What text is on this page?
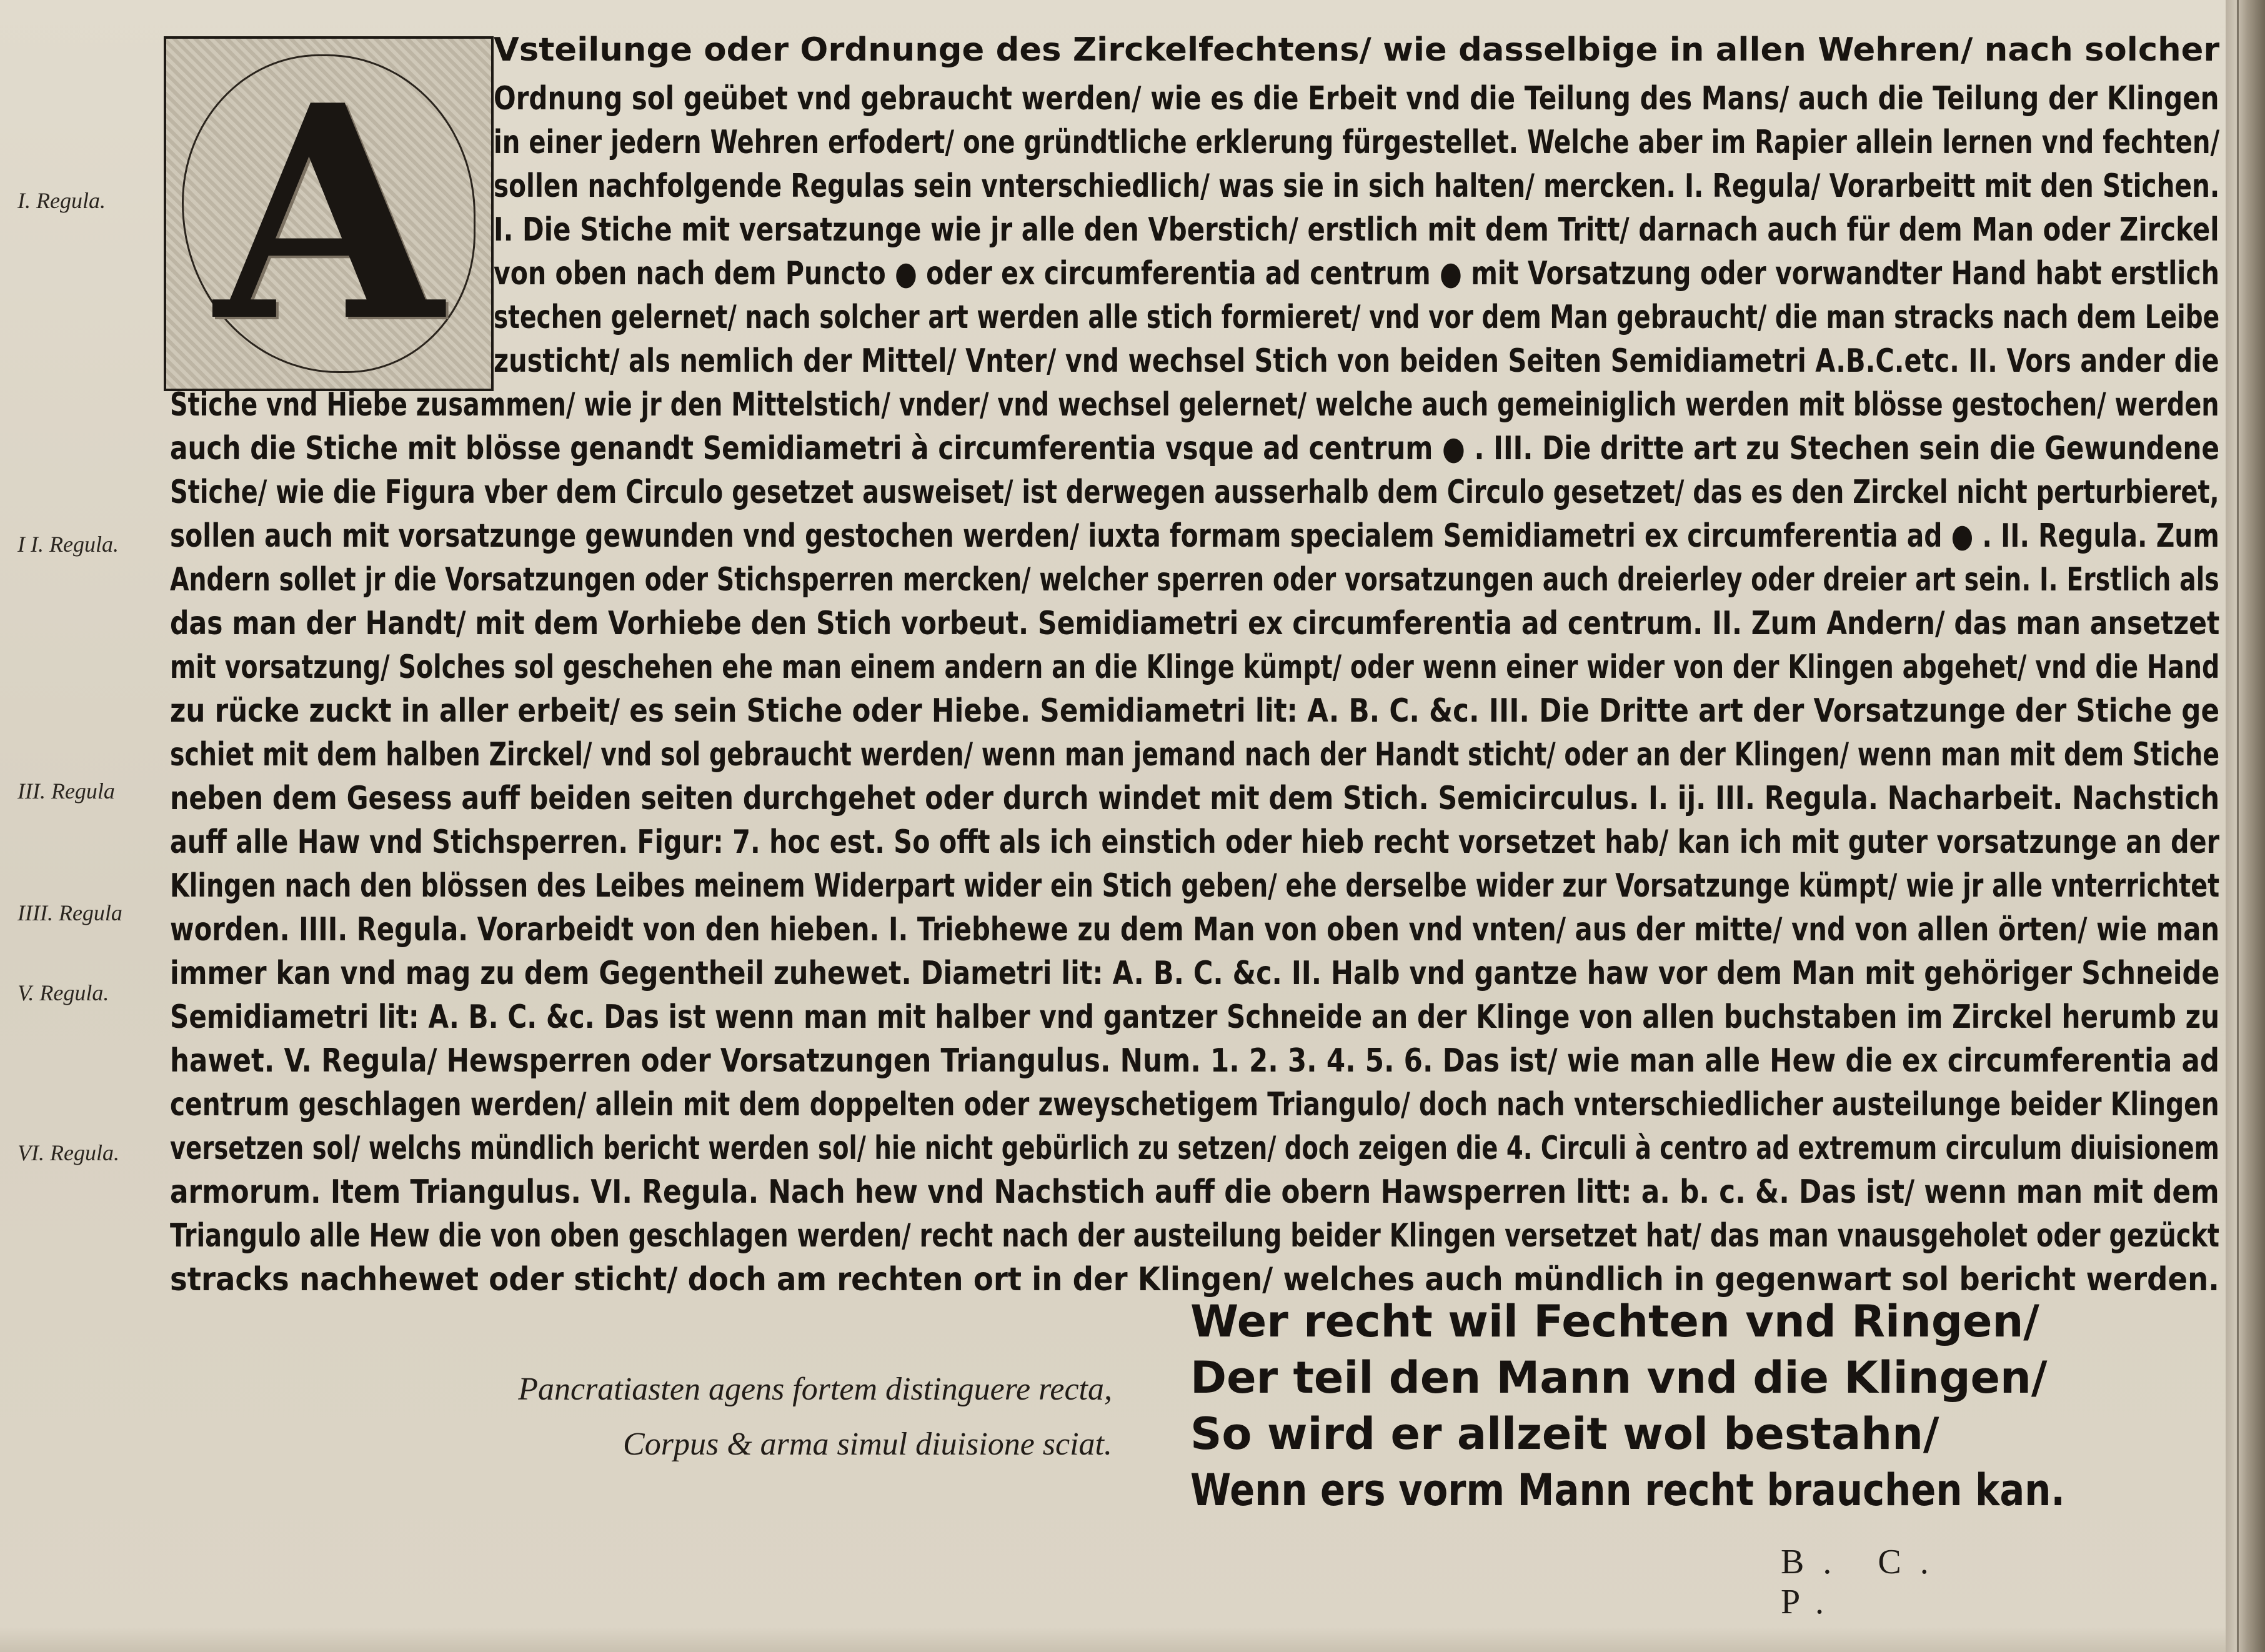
A
I. Regula.
I I. Regula.
III. Regula
IIII. Regula
V. Regula.
VI. Regula.
Vsteilunge oder Ordnunge des Zirckelfechtens/ wie dasselbige in allen Wehren/ nach solcher
Ordnung sol geübet vnd gebraucht werden/ wie es die Erbeit vnd die Teilung des Mans/ auch die Teilung der Klingen
in einer jedern Wehren erfodert/ one gründtliche erklerung fürgestellet. Welche aber im Rapier allein lernen vnd fechten/
sollen nachfolgende Regulas sein vnterschiedlich/ was sie in sich halten/ mercken. I. Regula/ Vorarbeitt mit den Stichen.
I. Die Stiche mit versatzunge wie jr alle den Vberstich/ erstlich mit dem Tritt/ darnach auch für dem Man oder Zirckel
von oben nach dem Puncto ● oder ex circumferentia ad centrum ● mit Vorsatzung oder vorwandter Hand habt erstlich
stechen gelernet/ nach solcher art werden alle stich formieret/ vnd vor dem Man gebraucht/ die man stracks nach dem Leibe
zusticht/ als nemlich der Mittel/ Vnter/ vnd wechsel Stich von beiden Seiten Semidiametri A.B.C.etc. II. Vors ander die
Stiche vnd Hiebe zusammen/ wie jr den Mittelstich/ vnder/ vnd wechsel gelernet/ welche auch gemeiniglich werden mit blösse gestochen/ werden
auch die Stiche mit blösse genandt Semidiametri à circumferentia vsque ad centrum ● . III. Die dritte art zu Stechen sein die Gewundene
Stiche/ wie die Figura vber dem Circulo gesetzet ausweiset/ ist derwegen ausserhalb dem Circulo gesetzet/ das es den Zirckel nicht perturbieret,
sollen auch mit vorsatzunge gewunden vnd gestochen werden/ iuxta formam specialem Semidiametri ex circumferentia ad ● . II. Regula. Zum
Andern sollet jr die Vorsatzungen oder Stichsperren mercken/ welcher sperren oder vorsatzungen auch dreierley oder dreier art sein. I. Erstlich als
das man der Handt/ mit dem Vorhiebe den Stich vorbeut. Semidiametri ex circumferentia ad centrum. II. Zum Andern/ das man ansetzet
mit vorsatzung/ Solches sol geschehen ehe man einem andern an die Klinge kümpt/ oder wenn einer wider von der Klingen abgehet/ vnd die Hand
zu rücke zuckt in aller erbeit/ es sein Stiche oder Hiebe. Semidiametri lit: A. B. C. &c. III. Die Dritte art der Vorsatzunge der Stiche ge
schiet mit dem halben Zirckel/ vnd sol gebraucht werden/ wenn man jemand nach der Handt sticht/ oder an der Klingen/ wenn man mit dem Stiche
neben dem Gesess auff beiden seiten durchgehet oder durch windet mit dem Stich. Semicirculus. I. ij. III. Regula. Nacharbeit. Nachstich
auff alle Haw vnd Stichsperren. Figur: 7. hoc est. So offt als ich einstich oder hieb recht vorsetzet hab/ kan ich mit guter vorsatzunge an der
Klingen nach den blössen des Leibes meinem Widerpart wider ein Stich geben/ ehe derselbe wider zur Vorsatzunge kümpt/ wie jr alle vnterrichtet
worden. IIII. Regula. Vorarbeidt von den hieben. I. Triebhewe zu dem Man von oben vnd vnten/ aus der mitte/ vnd von allen örten/ wie man
immer kan vnd mag zu dem Gegentheil zuhewet. Diametri lit: A. B. C. &c. II. Halb vnd gantze haw vor dem Man mit gehöriger Schneide
Semidiametri lit: A. B. C. &c. Das ist wenn man mit halber vnd gantzer Schneide an der Klinge von allen buchstaben im Zirckel herumb zu
hawet. V. Regula/ Hewsperren oder Vorsatzungen Triangulus. Num. 1. 2. 3. 4. 5. 6. Das ist/ wie man alle Hew die ex circumferentia ad
centrum geschlagen werden/ allein mit dem doppelten oder zweyschetigem Triangulo/ doch nach vnterschiedlicher austeilunge beider Klingen
versetzen sol/ welchs mündlich bericht werden sol/ hie nicht gebürlich zu setzen/ doch zeigen die 4. Circuli à centro ad extremum circulum diuisionem
armorum. Item Triangulus. VI. Regula. Nach hew vnd Nachstich auff die obern Hawsperren litt: a. b. c. &. Das ist/ wenn man mit dem
Triangulo alle Hew die von oben geschlagen werden/ recht nach der austeilung beider Klingen versetzet hat/ das man vnausgeholet oder gezückt
stracks nachhewet oder sticht/ doch am rechten ort in der Klingen/ welches auch mündlich in gegenwart sol bericht werden.
Pancratiasten agens fortem distinguere recta,
Corpus & arma simul diuisione sciat.
Wer recht wil Fechten vnd Ringen/
Der teil den Mann vnd die Klingen/
So wird er allzeit wol bestahn/
Wenn ers vorm Mann recht brauchen kan.
B. C. P.
